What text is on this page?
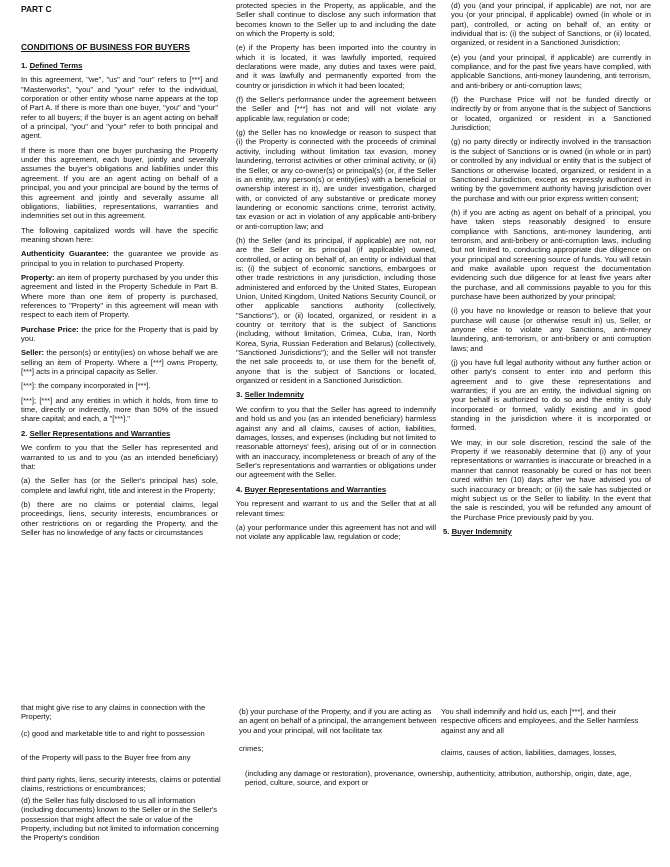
PART C
CONDITIONS OF BUSINESS FOR BUYERS
1. Defined Terms

In this agreement, "we", "us" and "our" refers to [***] and "Masterworks", "you" and "your" refer to the individual, corporation or other entity whose name appears at the top of Part A. If there is more than one buyer, "you" and "your" refer to all buyers; if the buyer is an agent acting on behalf of a principal, "you" and "your" refer to both principal and agent.

If there is more than one buyer purchasing the Property under this agreement, each buyer, jointly and severally assumes the buyer's obligations and liabilities under this agreement. If you are an agent acting on behalf of a principal, you and your principal are bound by the terms of this agreement and jointly and severally assume all obligations, liabilities, representations, warranties and indemnities set out in this agreement.

The following capitalized words will have the specific meaning shown here:

Authenticity Guarantee: the guarantee we provide as principal to you in relation to purchased Property.

Property: an item of property purchased by you under this agreement and listed in the Property Schedule in Part B. Where more than one item of property is purchased, references to "Property" in this agreement will mean with respect to each item of Property.

Purchase Price: the price for the Property that is paid by you.

Seller: the person(s) or entity(ies) on whose behalf we are selling an item of Property. Where a [***] owns Property, [***] acts in a principal capacity as Seller.

[***]: the company incorporated in [***].

[***]; [***] and any entities in which it holds, from time to time, directly or indirectly, more than 50% of the issued share capital; and each, a "[***]."

2. Seller Representations and Warranties

We confirm to you that the Seller has represented and warranted to us and to you (as an intended beneficiary) that:

(a) the Seller has (or the Seller's principal has) sole, complete and lawful right, title and interest in the Property;

(b) there are no claims or potential claims, legal proceedings, liens, security interests, encumbrances or other restrictions on or regarding the Property, and the Seller has no knowledge of any facts or circumstances

protected species in the Property, as applicable, and the Seller shall continue to disclose any such information that becomes known to the Seller up to and including the date on which the Property is sold;

(e) if the Property has been imported into the country in which it is located, it was lawfully imported, required declarations were made, any duties and taxes were paid, and it was lawfully and permanently exported from the country or jurisdiction in which it had been located;

(f) the Seller's performance under the agreement between the Seller and [***] has not and will not violate any applicable law, regulation or code;

(g) the Seller has no knowledge or reason to suspect that (i) the Property is connected with the proceeds of criminal activity, including without limitation tax evasion, money laundering, terrorist activities or other criminal activity, or (ii) the Seller, or any co-owner(s) or principal(s) (or, if the Seller is an entity, any person(s) or entity(ies) with a beneficial or ownership interest in it), are under investigation, charged with, or convicted of any substantive or predicate money laundering or economic sanctions crime, terrorist activity, tax evasion or act in violation of any applicable anti-bribery or anti-corruption law; and

(h) the Seller (and its principal, if applicable) are not, nor are the Seller or its principal (if applicable) owned, controlled, or acting on behalf of, an entity or individual that is: (i) the subject of economic sanctions, embargoes or other trade restrictions in any jurisdiction, including those administered and enforced by the United States, European Union, United Kingdom, United Nations Security Council, or other applicable sanctions authority (collectively, "Sanctions"), or (ii) located, organized, or resident in a country or territory that is the subject of Sanctions (including, without limitation, Crimea, Cuba, Iran, North Korea, Syria, Russian Federation and Belarus) (collectively, "Sanctioned Jurisdictions"); and the Seller will not transfer the net sale proceeds to, or use them for the benefit of, anyone that is the subject of Sanctions or located, organized or resident in a Sanctioned Jurisdiction.

3. Seller Indemnity

We confirm to you that the Seller has agreed to indemnify and hold us and you (as an intended beneficiary) harmless against any and all claims, causes of action, liabilities, damages, losses, and expenses (including but not limited to reasonable attorneys' fees), arising out of or in connection with an inaccuracy, incompleteness or breach of any of the Seller's representations and warranties or obligations under our agreement with the Seller.

4. Buyer Representations and Warranties

You represent and warrant to us and the Seller that at all relevant times:

(a) your performance under this agreement has not and will not violate any applicable law, regulation or code;

(d) you (and your principal, if applicable) are not, nor are you (or your principal, if applicable) owned (in whole or in part), controlled, or acting on behalf of, an entity or individual that is: (i) the subject of Sanctions, or (ii) located, organized, or resident in a Sanctioned Jurisdiction;

(e) you (and your principal, if applicable) are currently in compliance, and for the past five years have complied, with applicable Sanctions, anti-money laundering, anti terrorism, and anti-bribery or anti-corruption laws;

(f) the Purchase Price will not be funded directly or indirectly by or from anyone that is the subject of Sanctions or located, organized or resident in a Sanctioned Jurisdiction;

(g) no party directly or indirectly involved in the transaction is the subject of Sanctions or is owned (in whole or in part) or controlled by any individual or entity that is the subject of Sanctions or otherwise located, organized, or resident in a Sanctioned Jurisdiction, except as expressly authorized in writing by the government authority having jurisdiction over the purchase and with our prior express written consent;

(h) if you are acting as agent on behalf of a principal, you have taken steps reasonably designed to ensure compliance with Sanctions, anti-money laundering, anti terrorism, and anti-bribery or anti-corruption laws, including but not limited to, conducting appropriate due diligence on your principal and screening source of funds. You will retain and make available upon request the documentation evidencing such due diligence for at least five years after the purchase, and all commissions payable to you for this purchase have been authorized by your principal;

(i) you have no knowledge or reason to believe that your purchase will cause (or otherwise result in) us, Seller, or anyone else to violate any Sanctions, anti-money laundering, anti-terrorism, or anti-bribery or anti corruption laws; and

(j) you have full legal authority without any further action or other party's consent to enter into and perform this agreement and to give these representations and warranties; if you are an entity, the individual signing on your behalf is authorized to do so and the entity is duly incorporated or formed, validly existing and in good standing in the jurisdiction where it is incorporated or formed.

We may, in our sole discretion, rescind the sale of the Property if we reasonably determine that (i) any of your representations or warranties is inaccurate or breached in a manner that cannot reasonably be cured or has not been cured within ten (10) days after we have advised you of such inaccuracy or breach; or (ii) the sale has subjected or might subject us or the Seller to liability. In the event that the sale is rescinded, you will be refunded any amount of the Purchase Price previously paid by you.

5. Buyer Indemnity
that might give rise to any claims in connection with the Property;
(c) good and marketable title to and right to possession
of the Property will pass to the Buyer free from any
third party rights, liens, security interests, claims or potential claims, restrictions or encumbrances;
(d) the Seller has fully disclosed to us all information (including documents) known to the Seller or in the Seller's possession that might affect the sale or value of the Property, including but not limited to information concerning the Property's condition
(b) your purchase of the Property, and if you are acting as an agent on behalf of a principal, the arrangement between you and your principal, will not facilitate tax
crimes;
You shall indemnify and hold us, each [***], and their respective officers and employees, and the Seller harmless against any and all
claims, causes of action, liabilities, damages, losses,
(including any damage or restoration), provenance, ownership, authenticity, attribution, authorship, origin, date, age, period, culture, source, and export or
